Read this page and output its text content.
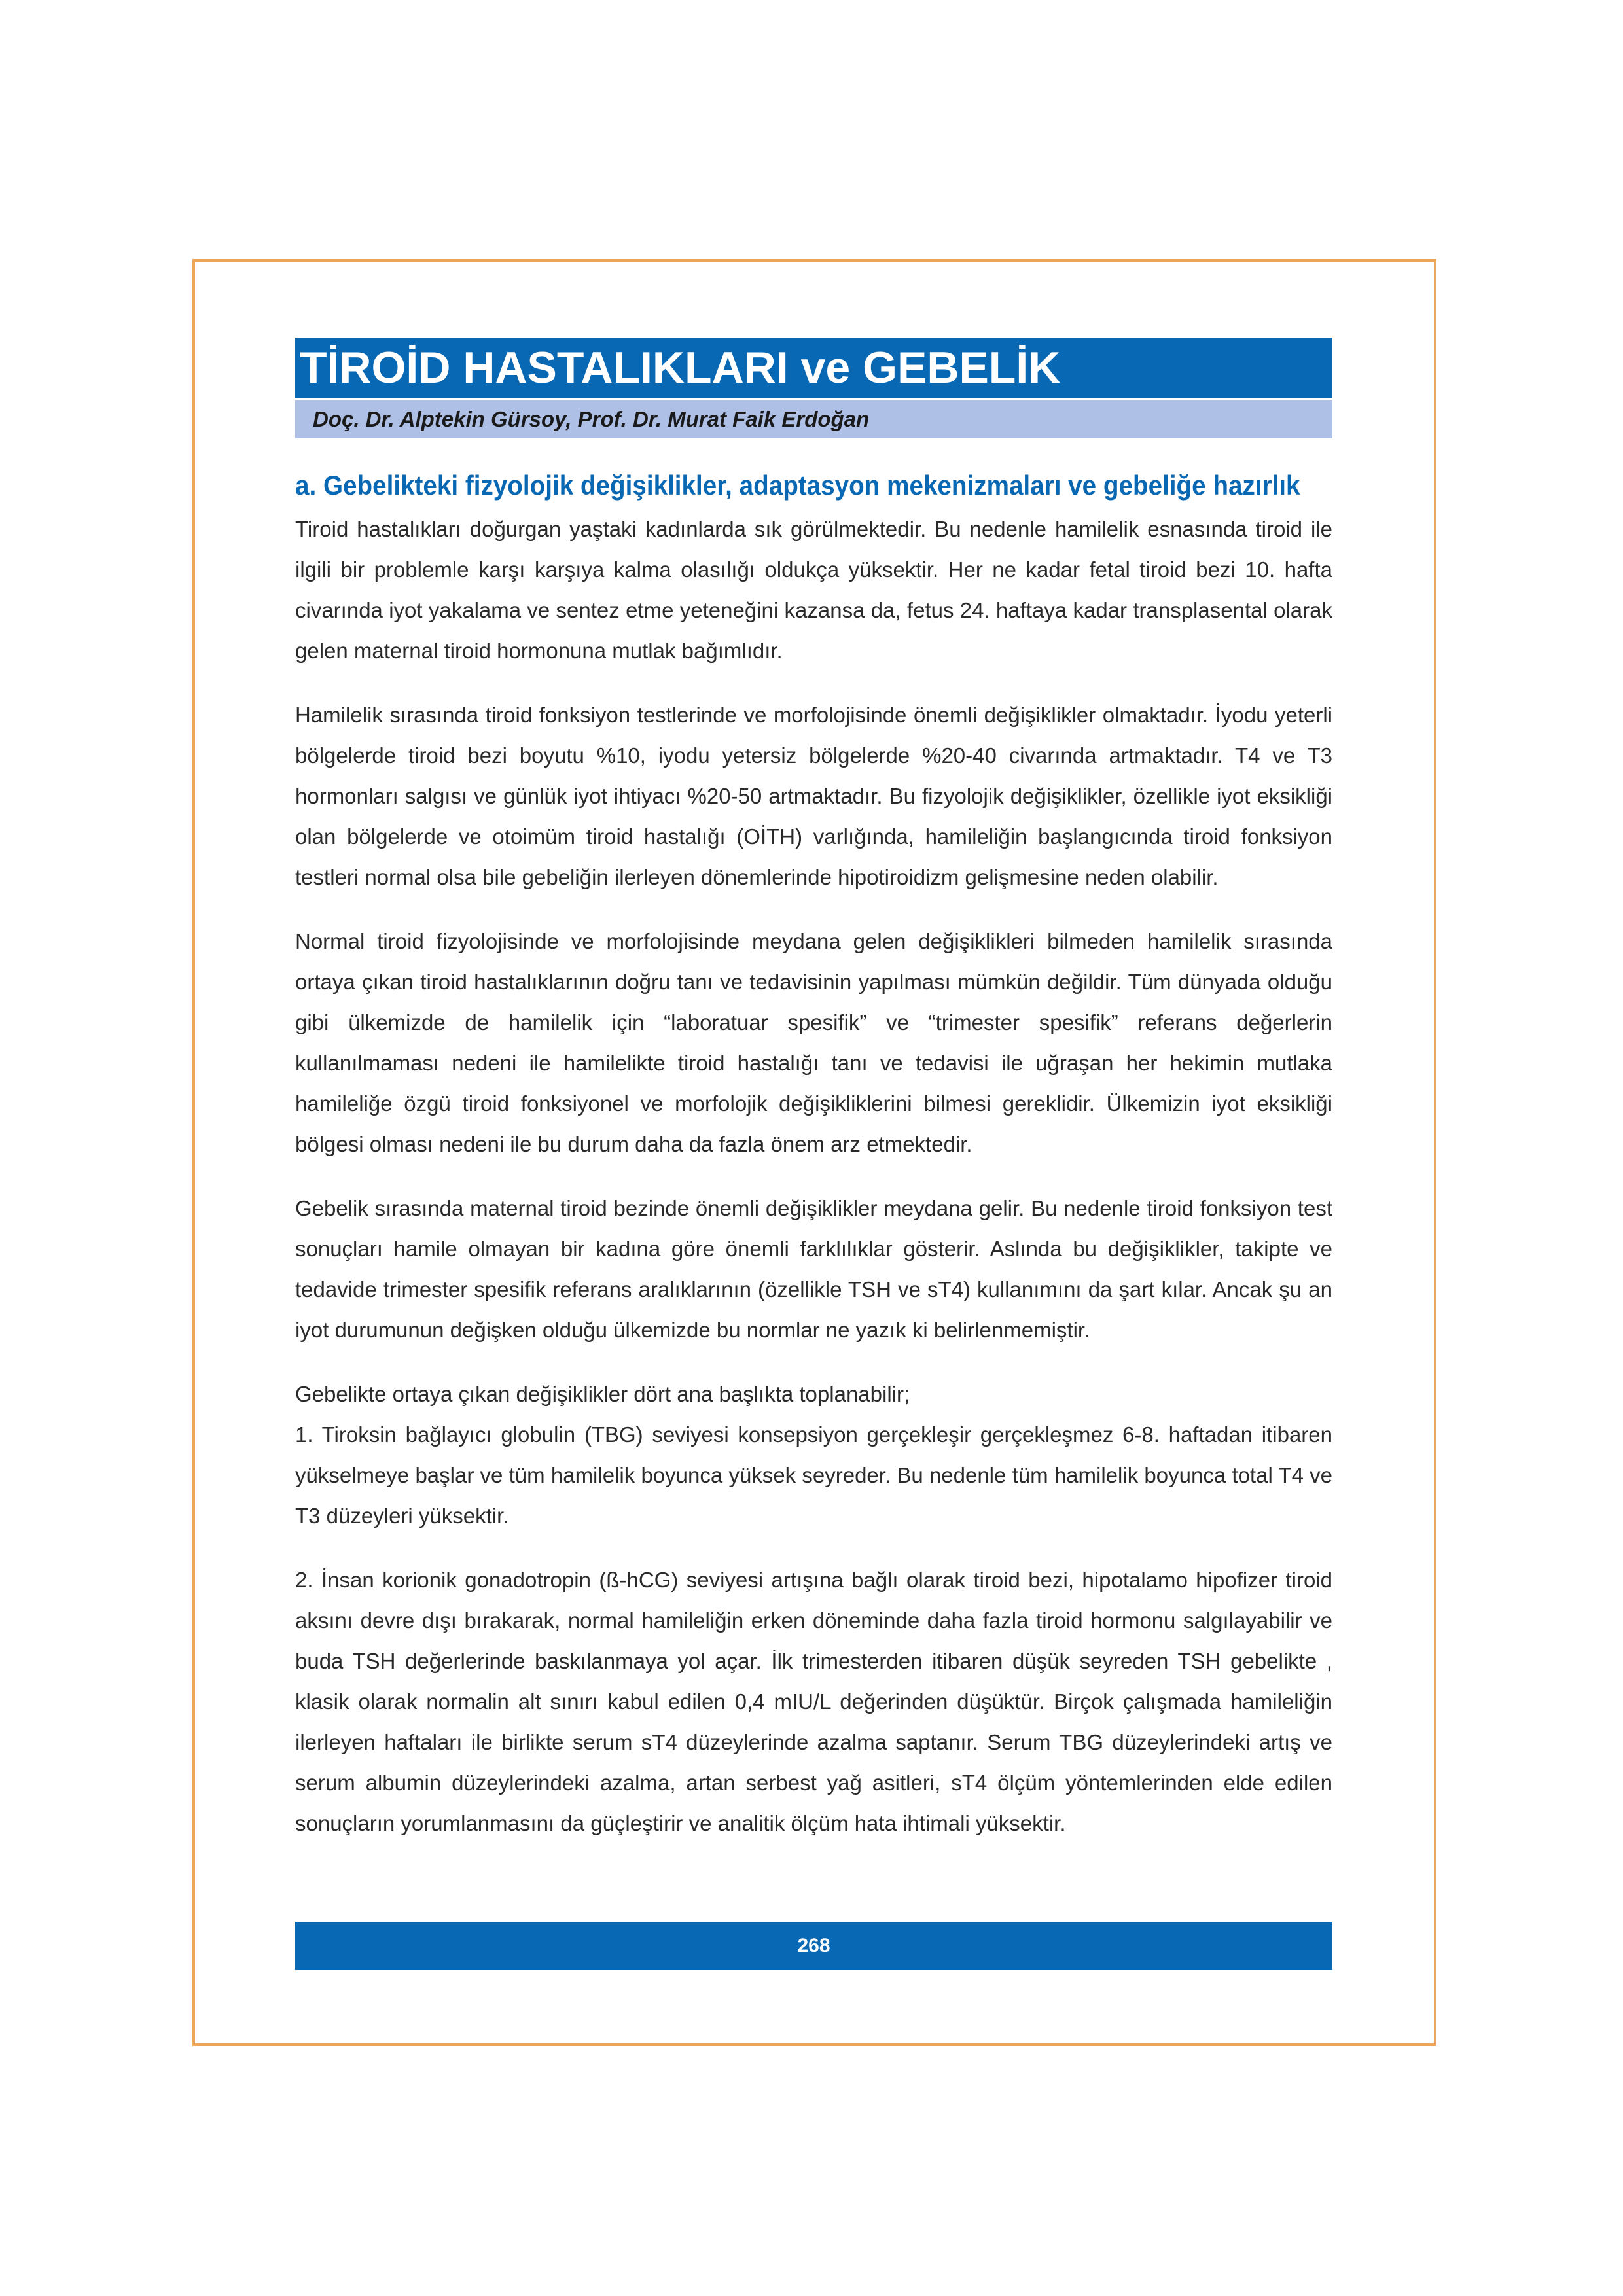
TİROİD HASTALIKLARI ve GEBELİK
Doç. Dr. Alptekin Gürsoy, Prof. Dr. Murat Faik Erdoğan
a. Gebelikteki fizyolojik değişiklikler, adaptasyon mekenizmaları ve gebeliğe hazırlık

Tiroid hastalıkları doğurgan yaştaki kadınlarda sık görülmektedir. Bu nedenle hamilelik esnasında tiroid ile ilgili bir problemle karşı karşıya kalma olasılığı oldukça yüksektir. Her ne kadar fetal tiroid bezi 10. hafta civarında iyot yakalama ve sentez etme yeteneğini kazansa da, fetus 24. haftaya kadar transplasental olarak gelen maternal tiroid hormonuna mutlak bağımlıdır.

Hamilelik sırasında tiroid fonksiyon testlerinde ve morfolojisinde önemli değişiklikler olmaktadır. İyodu yeterli bölgelerde tiroid bezi boyutu %10, iyodu yetersiz bölgelerde %20-40 civarında artmaktadır. T4 ve T3 hormonları salgısı ve günlük iyot ihtiyacı %20-50 artmaktadır. Bu fizyolojik değişiklikler, özellikle iyot eksikliği olan bölgelerde ve otoimüm tiroid hastalığı (OİTH) varlığında, hamileliğin başlangıcında tiroid fonksiyon testleri normal olsa bile gebeliğin ilerleyen dönemlerinde hipotiroidizm gelişmesine neden olabilir.

Normal tiroid fizyolojisinde ve morfolojisinde meydana gelen değişiklikleri bilmeden hamilelik sırasında ortaya çıkan tiroid hastalıklarının doğru tanı ve tedavisinin yapılması mümkün değildir. Tüm dünyada olduğu gibi ülkemizde de hamilelik için “laboratuar spesifik” ve “trimester spesifik” referans değerlerin kullanılmaması nedeni ile hamilelikte tiroid hastalığı tanı ve tedavisi ile uğraşan her hekimin mutlaka hamileliğe özgü tiroid fonksiyonel ve morfolojik değişikliklerini bilmesi gereklidir. Ülkemizin iyot eksikliği bölgesi olması nedeni ile bu durum daha da fazla önem arz etmektedir.

Gebelik sırasında maternal tiroid bezinde önemli değişiklikler meydana gelir. Bu nedenle tiroid fonksiyon test sonuçları hamile olmayan bir kadına göre önemli farklılıklar gösterir. Aslında bu değişiklikler, takipte ve tedavide trimester spesifik referans aralıklarının (özellikle TSH ve sT4) kullanımını da şart kılar. Ancak şu an iyot durumunun değişken olduğu ülkemizde bu normlar ne yazık ki belirlenmemiştir.

Gebelikte ortaya çıkan değişiklikler dört ana başlıkta toplanabilir;

1. Tiroksin bağlayıcı globulin (TBG) seviyesi konsepsiyon gerçekleşir gerçekleşmez 6-8. haftadan itibaren yükselmeye başlar ve tüm hamilelik boyunca yüksek seyreder. Bu nedenle tüm hamilelik boyunca total T4 ve T3 düzeyleri yüksektir.

2. İnsan korionik gonadotropin (ß-hCG) seviyesi artışına bağlı olarak tiroid bezi, hipotalamo hipofizer tiroid aksını devre dışı bırakarak, normal hamileliğin erken döneminde daha fazla tiroid hormonu salgılayabilir ve buda TSH değerlerinde baskılanmaya yol açar. İlk trimesterden itibaren düşük seyreden TSH gebelikte , klasik olarak normalin alt sınırı kabul edilen 0,4 mIU/L değerinden düşüktür. Birçok çalışmada hamileliğin ilerleyen haftaları ile birlikte serum sT4 düzeylerinde azalma saptanır. Serum TBG düzeylerindeki artış ve serum albumin düzeylerindeki azalma, artan serbest yağ asitleri, sT4 ölçüm yöntemlerinden elde edilen sonuçların yorumlanmasını da güçleştirir ve analitik ölçüm hata ihtimali yüksektir.

268
